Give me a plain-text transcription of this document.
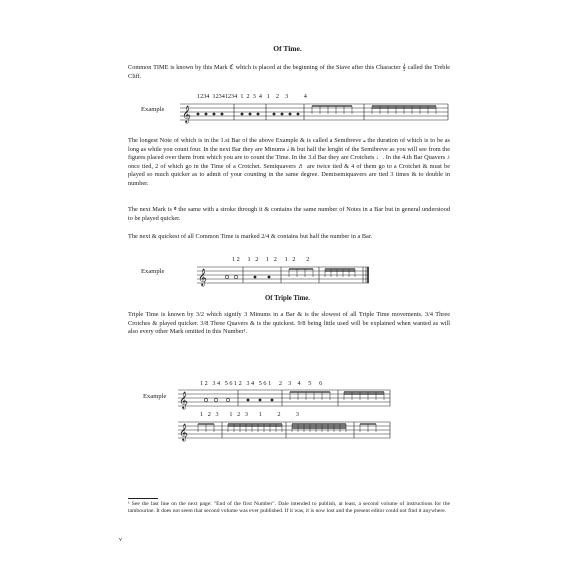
Of Time.
Common TIME is known by this Mark ℭ which is placed at the beginning of the Stave after this Character 𝄞 called the Treble Cliff.
Example
1234  12341234  1  2  3  4   1    2    3          4
𝄞
The longest Note of which is in the 1.st Bar of the above Example & is called a Semibreve 𝅝 the duration of which is to be as long as while you count four. In the next Bar they are Minums 𝅗𝅥 & but half the lenght of the Semibreve as you will see from the figures placed over them from which you are to count the Time. In the 3.d Bar they are Crotchets ♩. In the 4.th Bar Quavers ♪ once tied, 2 of which go in the Time of a Crotchet. Semiquavers ♬ are twice tied & 4 of them go to a Crotchet & must be played so much quicker as to admit of your counting in the same degree. Demisemiquavers are tied 3 times & to double in number.
The next Mark is 𝄵 the same with a stroke through it & contains the same number of Notes in a Bar but in general understood to be played quicker.
The next & quickest of all Common Time is marked 2/4 & contains but half the number in a Bar.
Example
1 2     1   2     1   2     1   2       2
𝄞
Of Triple Time.
Triple Time is known by 3/2 which signify 3 Minums in a Bar & is the slowest of all Triple Time movements. 3/4 Three Crotches & played quicker. 3/8 Three Quavers & is the quickest. 9/8 being little used will be explained when wanted as will also every other Mark omitted in this Number¹.
Example
1 2   3 4   5 6 1 2   3 4   5 6 1     2    3    4     5     6
𝄞
1   2   3       1   2   3       1          2          3
𝄞
¹ See the last line on the next page: "End of the first Number". Dale intended to publish, at least, a second volume of instructions for the tambourine. It does not seem that second volume was ever published. If it was, it is now lost and the present editor could not find it anywhere.
v
